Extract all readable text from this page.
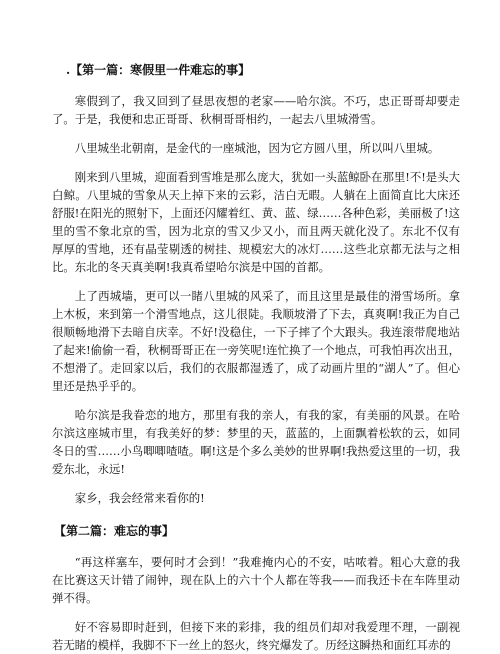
.【第一篇：寒假里一件难忘的事】

寒假到了，我又回到了昼思夜想的老家——哈尔滨。不巧，忠正哥哥却要走了。于是，我便和忠正哥哥、秋桐哥哥相约，一起去八里城滑雪。

八里城坐北朝南，是金代的一座城池，因为它方圆八里，所以叫八里城。

刚来到八里城，迎面看到雪堆是那么庞大，犹如一头蓝鲸卧在那里!不!是头大白鲸。八里城的雪象从天上掉下来的云彩，洁白无暇。人躺在上面简直比大床还舒服!在阳光的照射下，上面还闪耀着红、黄、蓝、绿……各种色彩，美丽极了!这里的雪不象北京的雪，因为北京的雪又少又小，而且两天就化没了。东北不仅有厚厚的雪地，还有晶莹剔透的树挂、规模宏大的冰灯……这些北京都无法与之相比。东北的冬天真美啊!我真希望哈尔滨是中国的首都。

上了西城墙，更可以一睹八里城的风采了，而且这里是最佳的滑雪场所。拿上木板，来到第一个滑雪地点，这儿很陡。我顺坡滑了下去，真爽啊!我正为自己很顺畅地滑下去暗自庆幸。不好!没稳住，一下子摔了个大跟头。我连滚带爬地站了起来!偷偷一看，秋桐哥哥正在一旁笑呢!连忙换了一个地点，可我怕再次出丑，不想滑了。走回家以后，我们的衣服都湿透了，成了动画片里的“湖人”了。但心里还是热乎乎的。

哈尔滨是我眷恋的地方，那里有我的亲人，有我的家，有美丽的风景。在哈尔滨这座城市里，有我美好的梦：梦里的天，蓝蓝的，上面飘着松软的云，如同冬日的雪……小鸟唧唧喳喳。啊!这是个多么美妙的世界啊!我热爱这里的一切，我爱东北，永远!

家乡，我会经常来看你的!

【第二篇：难忘的事】

“再这样塞车，要何时才会到！”我难掩内心的不安，咕哝着。粗心大意的我在比赛这天计错了闹钟，现在队上的六十个人都在等我——而我还卡在车阵里动弹不得。

好不容易即时赶到，但接下来的彩排，我的组员们却对我爱理不理，一副视若无睹的模样，我脚不下一丝上的怒火，终究爆发了。历经这瞬热和面红耳赤的
